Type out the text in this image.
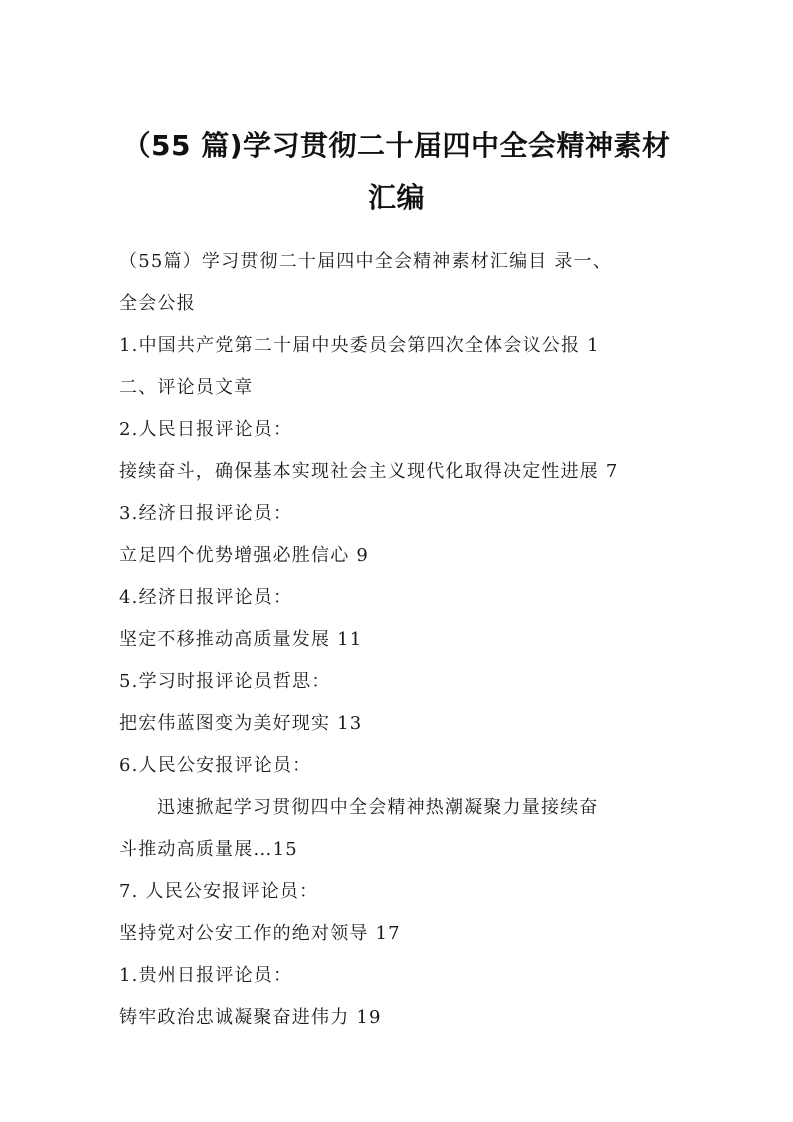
（55 篇)学习贯彻二十届四中全会精神素材
汇编

（55篇）学习贯彻二十届四中全会精神素材汇编目 录一、

全会公报

1.中国共产党第二十届中央委员会第四次全体会议公报 1

二、评论员文章

2.人民日报评论员：

接续奋斗，确保基本实现社会主义现代化取得决定性进展 7

3.经济日报评论员：

立足四个优势增强必胜信心 9

4.经济日报评论员：

坚定不移推动高质量发展 11

5.学习时报评论员哲思：

把宏伟蓝图变为美好现实 13

6.人民公安报评论员：

迅速掀起学习贯彻四中全会精神热潮凝聚力量接续奋

斗推动高质量展…15

7. 人民公安报评论员：

坚持党对公安工作的绝对领导 17

1.贵州日报评论员：

铸牢政治忠诚凝聚奋进伟力 19
